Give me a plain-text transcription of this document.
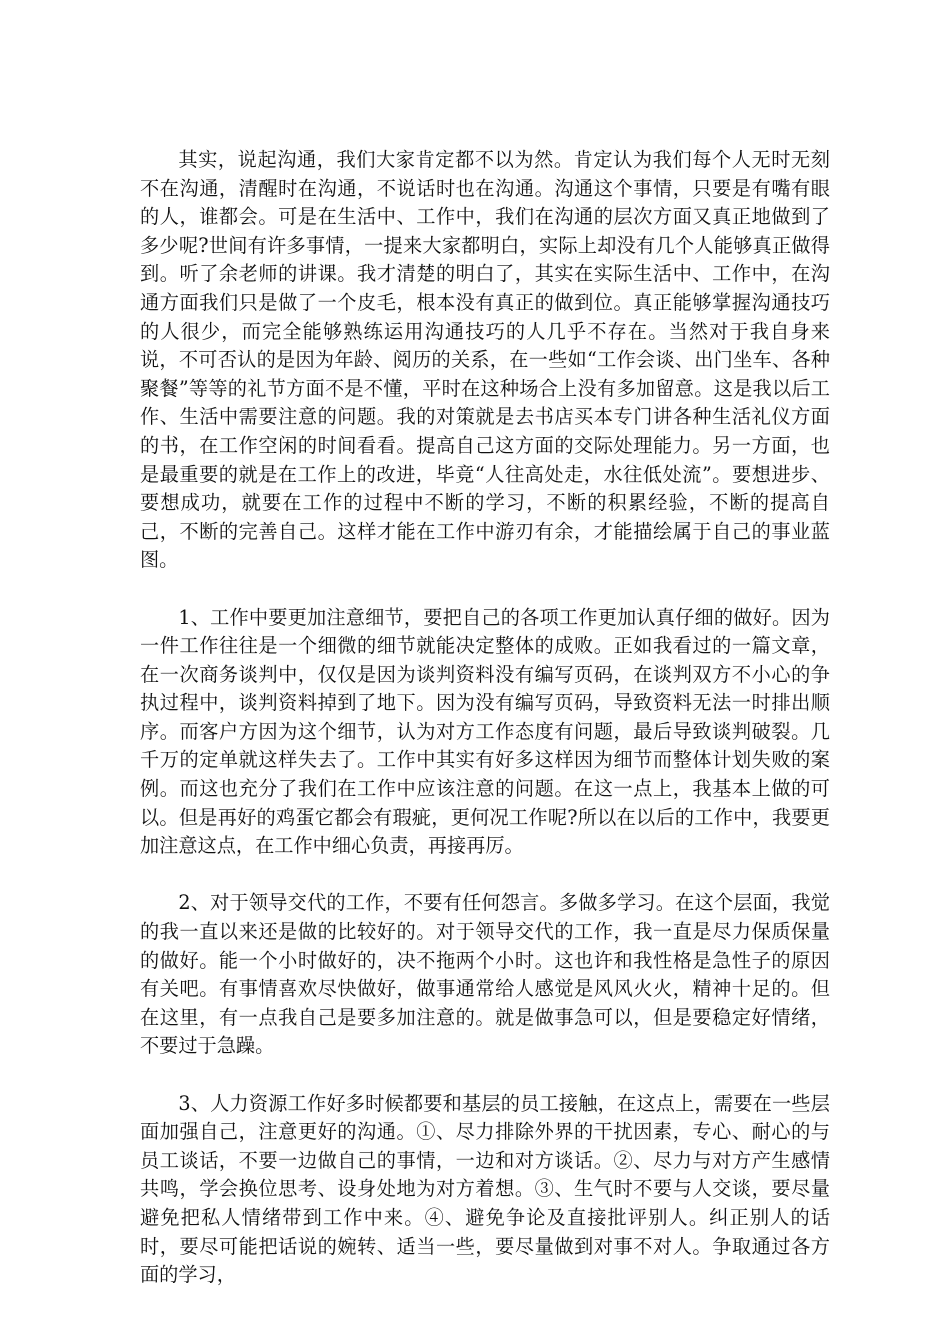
其实，说起沟通，我们大家肯定都不以为然。肯定认为我们每个人无时无刻不在沟通，清醒时在沟通，不说话时也在沟通。沟通这个事情，只要是有嘴有眼的人，谁都会。可是在生活中、工作中，我们在沟通的层次方面又真正地做到了多少呢?世间有许多事情，一提来大家都明白，实际上却没有几个人能够真正做得到。听了余老师的讲课。我才清楚的明白了，其实在实际生活中、工作中，在沟通方面我们只是做了一个皮毛，根本没有真正的做到位。真正能够掌握沟通技巧的人很少，而完全能够熟练运用沟通技巧的人几乎不存在。当然对于我自身来说，不可否认的是因为年龄、阅历的关系，在一些如“工作会谈、出门坐车、各种聚餐”等等的礼节方面不是不懂，平时在这种场合上没有多加留意。这是我以后工作、生活中需要注意的问题。我的对策就是去书店买本专门讲各种生活礼仪方面的书，在工作空闲的时间看看。提高自己这方面的交际处理能力。另一方面，也是最重要的就是在工作上的改进，毕竟“人往高处走，水往低处流”。要想进步、要想成功，就要在工作的过程中不断的学习，不断的积累经验，不断的提高自己，不断的完善自己。这样才能在工作中游刃有余，才能描绘属于自己的事业蓝图。

1、工作中要更加注意细节，要把自己的各项工作更加认真仔细的做好。因为一件工作往往是一个细微的细节就能决定整体的成败。正如我看过的一篇文章，在一次商务谈判中，仅仅是因为谈判资料没有编写页码，在谈判双方不小心的争执过程中，谈判资料掉到了地下。因为没有编写页码，导致资料无法一时排出顺序。而客户方因为这个细节，认为对方工作态度有问题，最后导致谈判破裂。几千万的定单就这样失去了。工作中其实有好多这样因为细节而整体计划失败的案例。而这也充分了我们在工作中应该注意的问题。在这一点上，我基本上做的可以。但是再好的鸡蛋它都会有瑕疵，更何况工作呢?所以在以后的工作中，我要更加注意这点，在工作中细心负责，再接再厉。

2、对于领导交代的工作，不要有任何怨言。多做多学习。在这个层面，我觉的我一直以来还是做的比较好的。对于领导交代的工作，我一直是尽力保质保量的做好。能一个小时做好的，决不拖两个小时。这也许和我性格是急性子的原因有关吧。有事情喜欢尽快做好，做事通常给人感觉是风风火火，精神十足的。但在这里，有一点我自己是要多加注意的。就是做事急可以，但是要稳定好情绪，不要过于急躁。

3、人力资源工作好多时候都要和基层的员工接触，在这点上，需要在一些层面加强自己，注意更好的沟通。①、尽力排除外界的干扰因素，专心、耐心的与员工谈话，不要一边做自己的事情，一边和对方谈话。②、尽力与对方产生感情共鸣，学会换位思考、设身处地为对方着想。③、生气时不要与人交谈，要尽量避免把私人情绪带到工作中来。④、避免争论及直接批评别人。纠正别人的话时，要尽可能把话说的婉转、适当一些，要尽量做到对事不对人。争取通过各方面的学习，
